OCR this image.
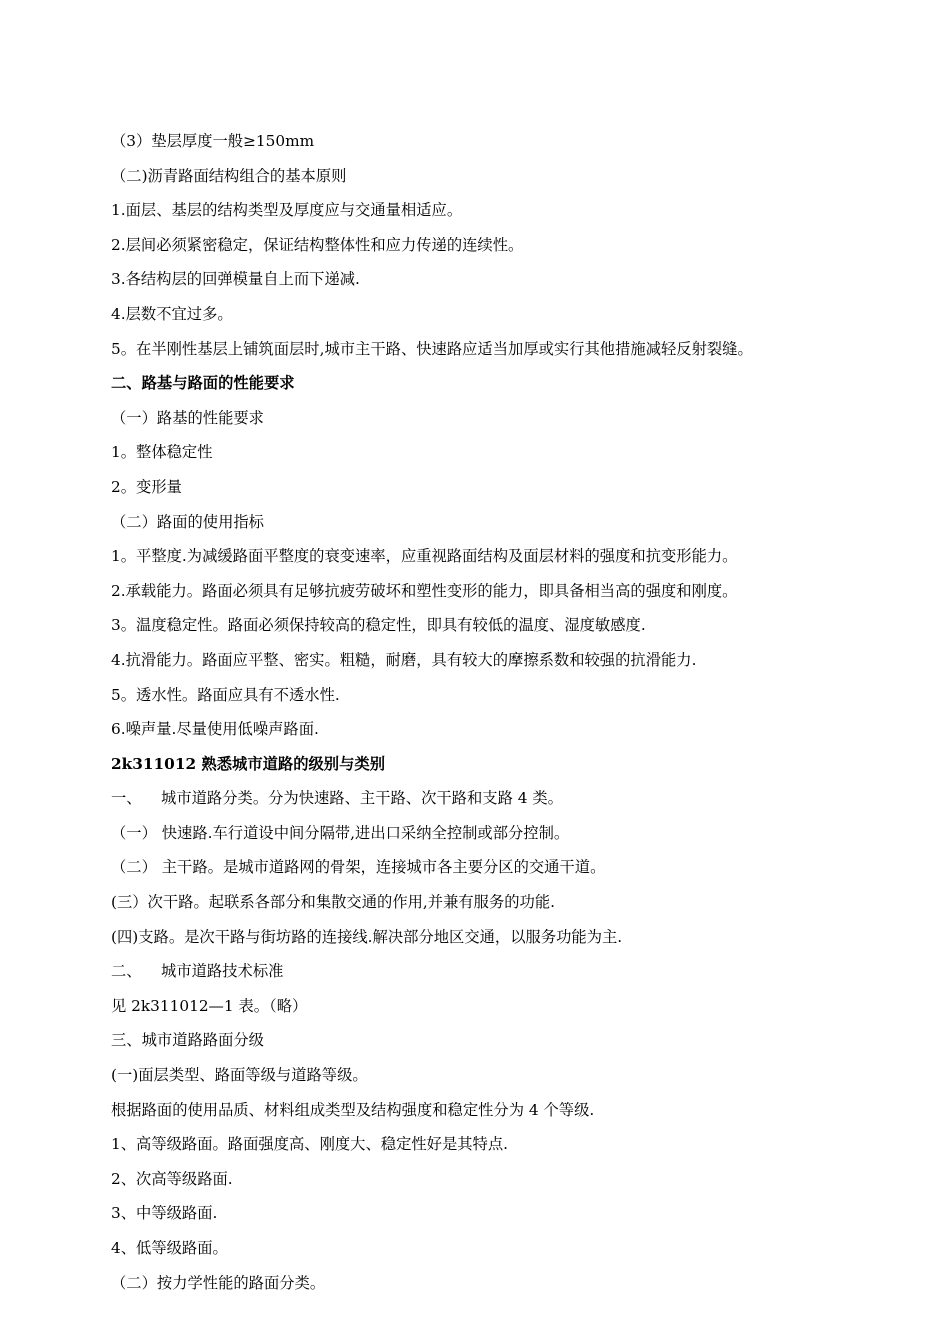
（3）垫层厚度一般≥150mm
（二)沥青路面结构组合的基本原则
1.面层、基层的结构类型及厚度应与交通量相适应。
2.层间必须紧密稳定，保证结构整体性和应力传递的连续性。
3.各结构层的回弹模量自上而下递减.
4.层数不宜过多。
5。在半刚性基层上铺筑面层时,城市主干路、快速路应适当加厚或实行其他措施减轻反射裂缝。
二、路基与路面的性能要求
（一）路基的性能要求
1。整体稳定性
2。变形量
（二）路面的使用指标
1。平整度.为减缓路面平整度的衰变速率，应重视路面结构及面层材料的强度和抗变形能力。
2.承载能力。路面必须具有足够抗疲劳破坏和塑性变形的能力，即具备相当高的强度和刚度。
3。温度稳定性。路面必须保持较高的稳定性，即具有较低的温度、湿度敏感度.
4.抗滑能力。路面应平整、密实。粗糙，耐磨，具有较大的摩擦系数和较强的抗滑能力.
5。透水性。路面应具有不透水性.
6.噪声量.尽量使用低噪声路面.
2k311012 熟悉城市道路的级别与类别
一、    城市道路分类。分为快速路、主干路、次干路和支路 4 类。
（一） 快速路.车行道设中间分隔带,进出口采纳全控制或部分控制。
（二） 主干路。是城市道路网的骨架，连接城市各主要分区的交通干道。
(三）次干路。起联系各部分和集散交通的作用,并兼有服务的功能.
(四)支路。是次干路与街坊路的连接线.解决部分地区交通，以服务功能为主.
二、    城市道路技术标准
见 2k311012—1 表。（略）
三、城市道路路面分级
(一)面层类型、路面等级与道路等级。
根据路面的使用品质、材料组成类型及结构强度和稳定性分为 4 个等级.
1、高等级路面。路面强度高、刚度大、稳定性好是其特点.
2、次高等级路面.
3、中等级路面.
4、低等级路面。
（二）按力学性能的路面分类。
